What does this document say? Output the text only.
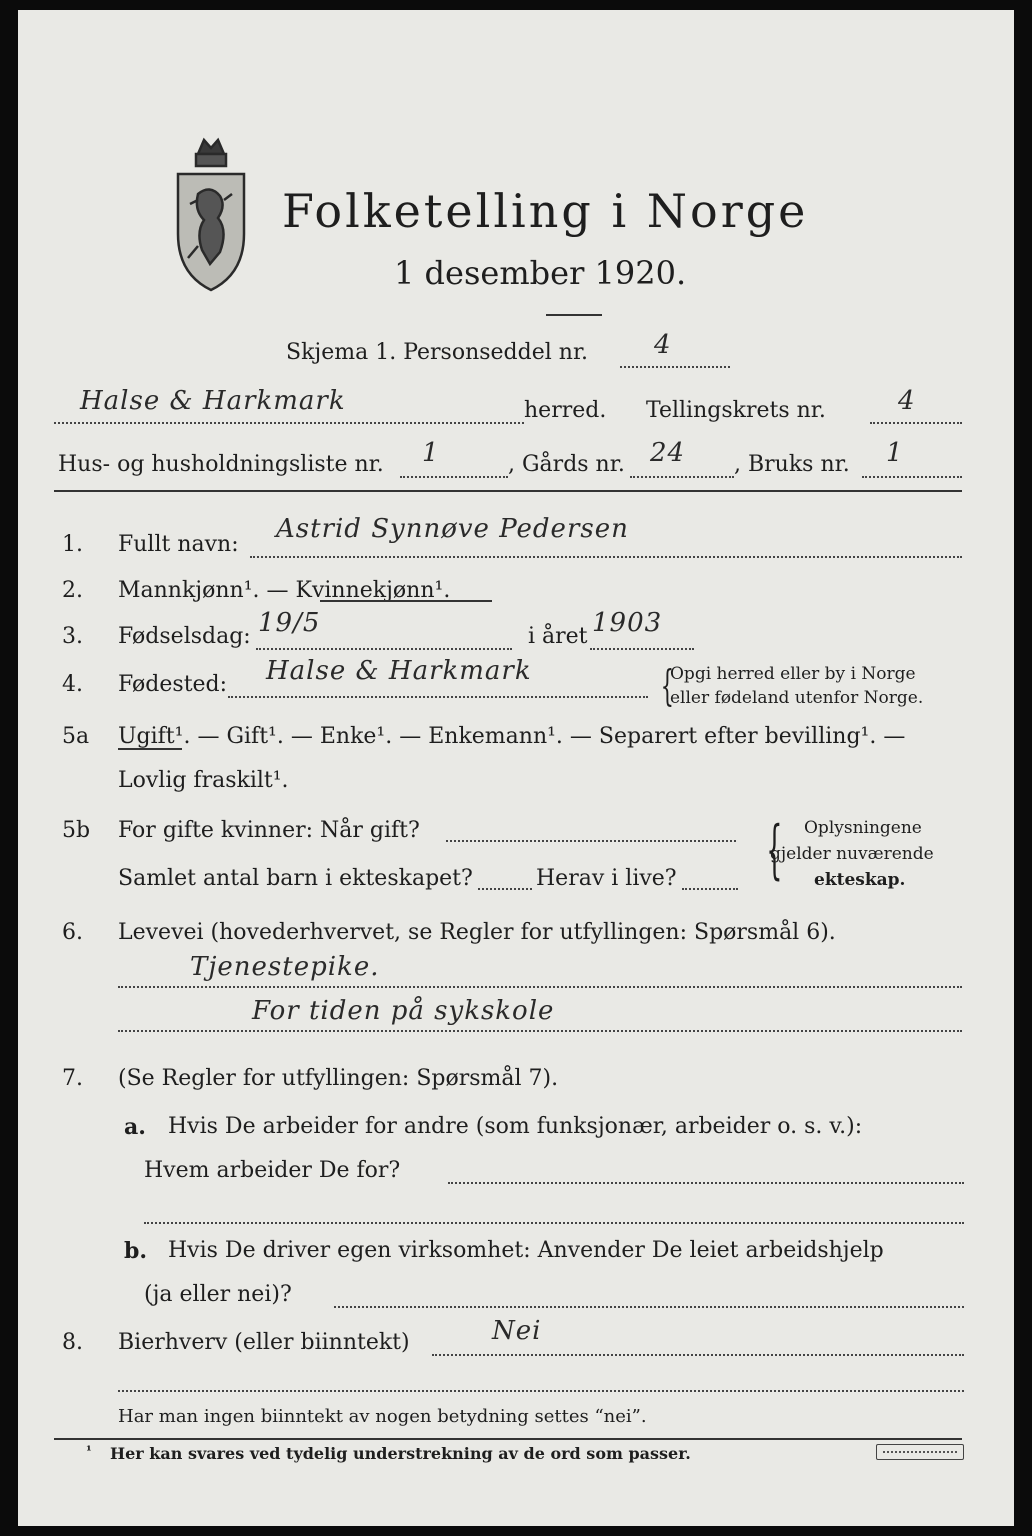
Folketelling i Norge
1 desember 1920.
Skjema 1. Personseddel nr.	4
Halse & Harkmark	herred. Tellingskrets nr.	4
Hus- og husholdningsliste nr. 1	, Gårds nr. 24 , Bruks nr. 1
1. Fullt navn:
Astrid Synnøve Pedersen
2. Mannkjønn¹. — Kvinnekjønn¹.
3. Fødselsdag: 19/5	i året 1903
4. Fødested: Halse & Harkmark	{
Opgi herred eller by i Norge
eller fødeland utenfor Norge.
5a Ugift¹. — Gift¹. — Enke¹. — Enkemann¹. — Separert efter bevilling¹. —
Lovlig fraskilt¹.
5b For gifte kvinner: Når gift?
Samlet antal barn i ekteskapet?	Herav i live? { Oplysningene
gjelder nuværende
ekteskap.
6. Levevei (hovederhvervet, se Regler for utfyllingen: Spørsmål 6).
Tjenestepike.
For tiden på sykskole
7. (Se Regler for utfyllingen: Spørsmål 7).
a. Hvis De arbeider for andre (som funksjonær, arbeider o. s. v.):
Hvem arbeider De for?
b. Hvis De driver egen virksomhet: Anvender De leiet arbeidshjelp
(ja eller nei)?
8. Bierhverv (eller biinntekt)	Nei
Har man ingen biinntekt av nogen betydning settes “nei”.
¹ Her kan svares ved tydelig understrekning av de ord som passer.
